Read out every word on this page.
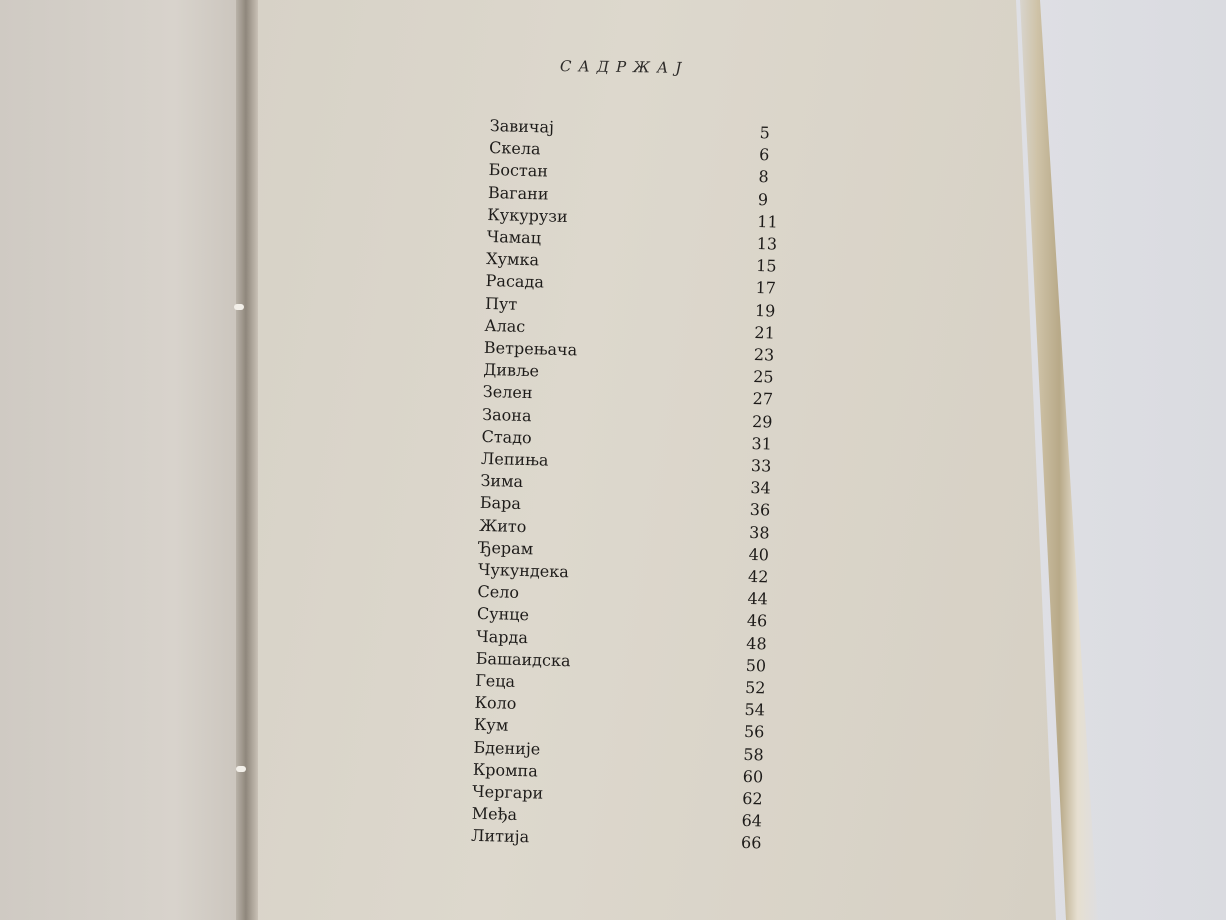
САДРЖАЈ
Завичај	5
Скела	6
Бостан	8
Вагани	9
Кукурузи	11
Чамац	13
Хумка	15
Расада	17
Пут	19
Алас	21
Ветрењача	23
Дивље	25
Зелен	27
Заона	29
Стадо	31
Лепиња	33
Зима	34
Бара	36
Жито	38
Ђерам	40
Чукундека	42
Село	44
Сунце	46
Чарда	48
Башаидска	50
Геца	52
Коло	54
Кум	56
Бденије	58
Кромпа	60
Чергари	62
Међа	64
Литија	66
